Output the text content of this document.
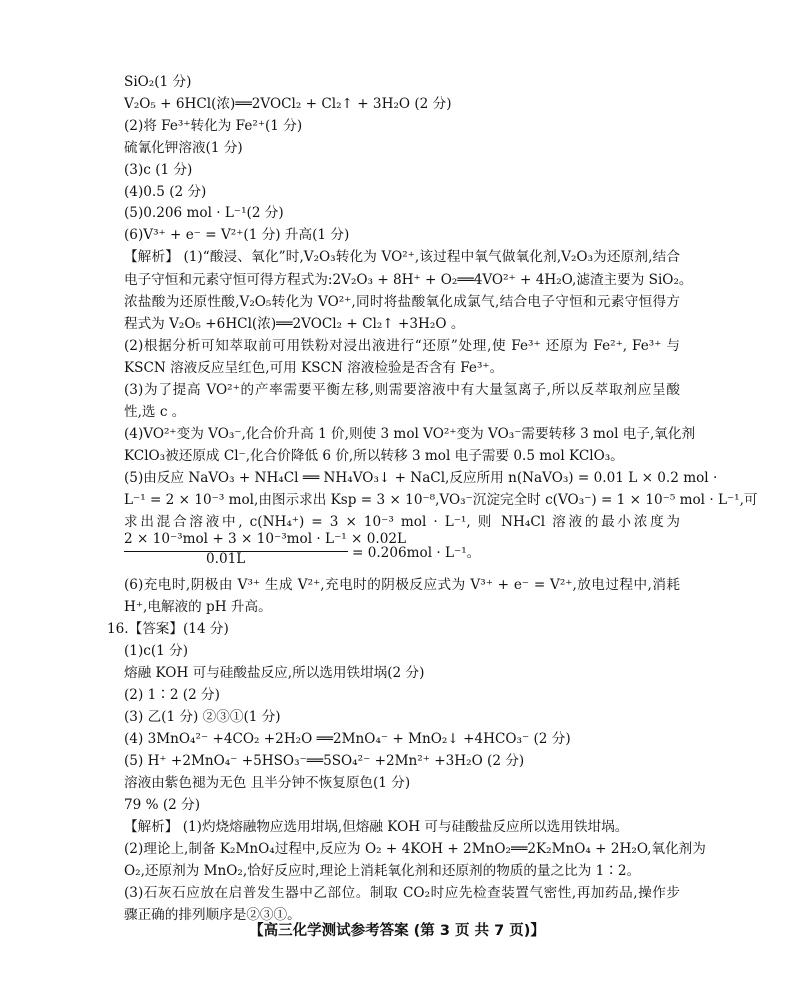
SiO₂(1 分)
V₂O₅ + 6HCl(浓)══2VOCl₂ + Cl₂↑ + 3H₂O (2 分)
(2)将 Fe³⁺转化为 Fe²⁺(1 分)
硫氰化钾溶液(1 分)
(3)c (1 分)
(4)0.5 (2 分)
(5)0.206 mol · L⁻¹(2 分)
(6)V³⁺ + e⁻ = V²⁺(1 分) 升高(1 分)
【解析】 (1)“酸浸、氧化”时,V₂O₃转化为 VO²⁺,该过程中氧气做氧化剂,V₂O₃为还原剂,结合
电子守恒和元素守恒可得方程式为:2V₂O₃ + 8H⁺ + O₂══4VO²⁺ + 4H₂O,滤渣主要为 SiO₂。
浓盐酸为还原性酸,V₂O₅转化为 VO²⁺,同时将盐酸氧化成氯气,结合电子守恒和元素守恒得方
程式为 V₂O₅ +6HCl(浓)══2VOCl₂ + Cl₂↑ +3H₂O 。
(2)根据分析可知萃取前可用铁粉对浸出液进行“还原”处理,使 Fe³⁺ 还原为 Fe²⁺, Fe³⁺ 与
KSCN 溶液反应呈红色,可用 KSCN 溶液检验是否含有 Fe³⁺。
(3)为了提高 VO²⁺的产率需要平衡左移,则需要溶液中有大量氢离子,所以反萃取剂应呈酸
性,选 c 。
(4)VO²⁺变为 VO₃⁻,化合价升高 1 价,则使 3 mol VO²⁺变为 VO₃⁻需要转移 3 mol 电子,氧化剂
KClO₃被还原成 Cl⁻,化合价降低 6 价,所以转移 3 mol 电子需要 0.5 mol KClO₃。
(5)由反应 NaVO₃ + NH₄Cl ══ NH₄VO₃↓ + NaCl,反应所用 n(NaVO₃) = 0.01 L × 0.2 mol ·
L⁻¹ = 2 × 10⁻³ mol,由图示求出 Ksp = 3 × 10⁻⁸,VO₃⁻沉淀完全时 c(VO₃⁻) = 1 × 10⁻⁵ mol · L⁻¹,可
求出混合溶液中, c(NH₄⁺) = 3 × 10⁻³ mol · L⁻¹, 则 NH₄Cl 溶液的最小浓度为
2 × 10⁻³mol + 3 × 10⁻³mol · L⁻¹ × 0.02L
0.01L	= 0.206mol · L⁻¹。
(6)充电时,阴极由 V³⁺ 生成 V²⁺,充电时的阴极反应式为 V³⁺ + e⁻ = V²⁺,放电过程中,消耗
H⁺,电解液的 pH 升高。
16.【答案】(14 分)
(1)c(1 分)
熔融 KOH 可与硅酸盐反应,所以选用铁坩埚(2 分)
(2) 1∶2 (2 分)
(3) 乙(1 分) ②③①(1 分)
(4) 3MnO₄²⁻ +4CO₂ +2H₂O ══2MnO₄⁻ + MnO₂↓ +4HCO₃⁻ (2 分)
(5) H⁺ +2MnO₄⁻ +5HSO₃⁻══5SO₄²⁻ +2Mn²⁺ +3H₂O (2 分)
溶液由紫色褪为无色 且半分钟不恢复原色(1 分)
79 % (2 分)
【解析】 (1)灼烧熔融物应选用坩埚,但熔融 KOH 可与硅酸盐反应所以选用铁坩埚。
(2)理论上,制备 K₂MnO₄过程中,反应为 O₂ + 4KOH + 2MnO₂══2K₂MnO₄ + 2H₂O,氧化剂为
O₂,还原剂为 MnO₂,恰好反应时,理论上消耗氧化剂和还原剂的物质的量之比为 1∶2。
(3)石灰石应放在启普发生器中乙部位。制取 CO₂时应先检查装置气密性,再加药品,操作步
骤正确的排列顺序是②③①。
【高三化学测试参考答案 (第 3 页 共 7 页)】
